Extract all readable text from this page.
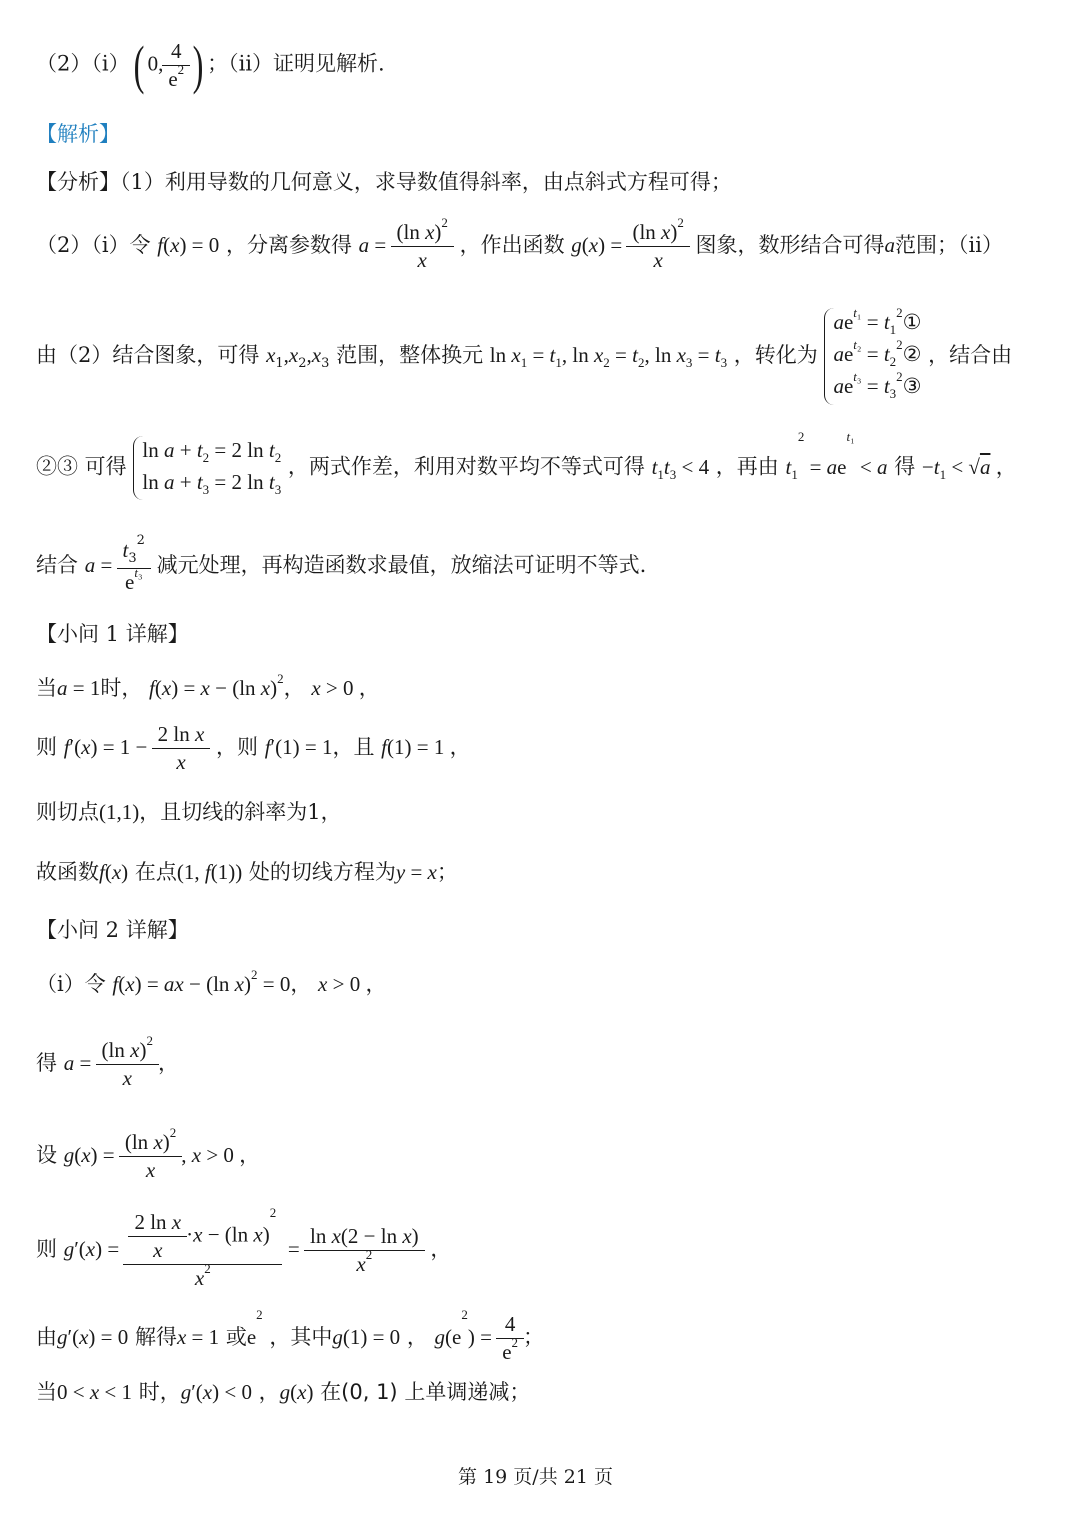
（2）（i）( 0, $\frac{4}{e^2}$ ) ；（ii）证明见解析.
【解析】
【分析】（1）利用导数的几何意义，求导数值得斜率，由点斜式方程可得；
（2）（i）令 f(x) = 0 ，分离参数得 $a = \frac{(\ln x)^2}{x}$ ，作出函数 $g(x) = \frac{(\ln x)^2}{x}$ 图象，数形结合可得a范围；（ii）
由（2）结合图象，可得 $x_1,x_2,x_3$ 范围，整体换元 $\ln x_1 = t_1$, $\ln x_2 = t_2$, $\ln x_3 = t_3$ ，转化为
$ae^{t_1}$ = $t_1^2①$
$ae^{t_2}$ = $t_2^2②$
$ae^{t_3}$ = $t_3^2③$
，结合由
②③ 可得
$\ln a + t_2 = 2$ $\ln t_2$
$\ln a + t_3 = 2$ $\ln t_3$
，两式作差，利用对数平均不等式可得 $t_1t_3 < 4$ ，再由 $t_1^2 = ae^{t_1} < a$ 得 $-t_1 < √a$ ，
结合 $a = \frac{t_3^2}{e^{t_3}}$ 减元处理，再构造函数求最值，放缩法可证明不等式.
【小问 1 详解】
当a = 1时， f(x) = x − (ln x)$^2$， x > 0 ，
则 $f'(x) = 1 - \frac{\text{2 ln x}}{x}$ ，则 f′(1) = 1，且 f(1) = 1 ，
则切点(1,1)，且切线的斜率为1，
故函数f(x) 在点(1, f(1)) 处的切线方程为y = x；
【小问 2 详解】
（i）令 f(x) = ax − (ln x)$^2$ = 0， x > 0 ，
得 $a = \frac{(\ln x)^2}{x}$ ，
设 $g(x) = \frac{(\ln x)^2}{x}$ , x > 0 ，
则 $g'(x) = \frac{\frac{\text{2 ln x}}{x} \cdot x - (\ln x)^2}{x^2} = \frac{\text{ln x(2 − ln x)}}{x^2}$ ，
由g′(x) = 0 解得x = 1 或$e^2$ ，其中g(1) = 0 ， $g(e^2) = \frac{4}{e^2}$ ；
当0 < x < 1 时，g′(x) < 0 ，g(x) 在(0, 1) 上单调递减；
第 19 页/共 21 页
